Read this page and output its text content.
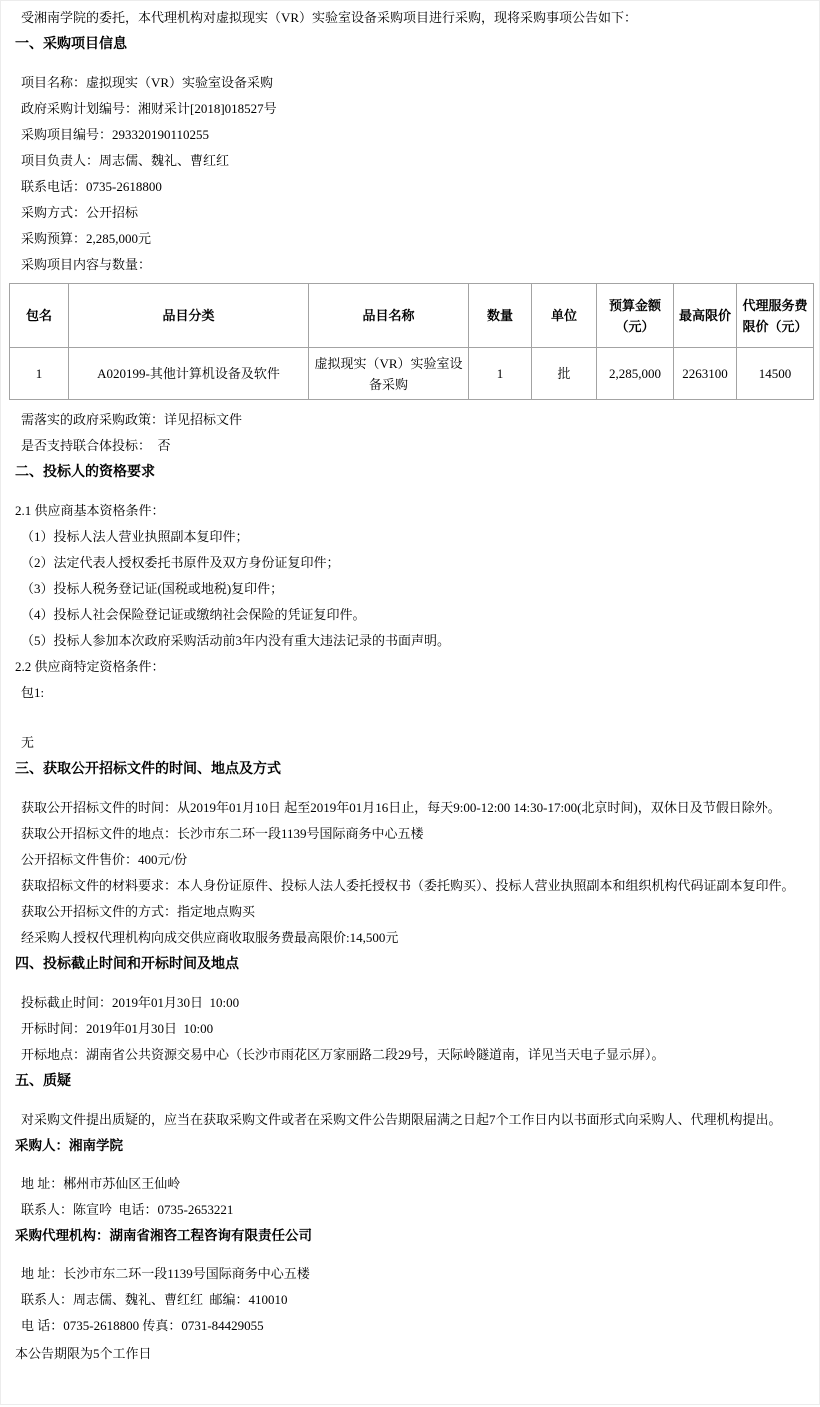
受湘南学院的委托，本代理机构对虚拟现实（VR）实验室设备采购项目进行采购，现将采购事项公告如下：

一、采购项目信息

项目名称：虚拟现实（VR）实验室设备采购

政府采购计划编号：湘财采计[2018]018527号

采购项目编号：293320190110255

项目负责人：周志儒、魏礼、曹红红

联系电话：0735-2618800

采购方式：公开招标

采购预算：2,285,000元

采购项目内容与数量：

包名	品目分类	品目名称	数量	单位	预算金额（元）	最高限价	代理服务费限价（元）
1	A020199-其他计算机设备及软件	虚拟现实（VR）实验室设备采购	1	批	2,285,000	2263100	14500

需落实的政府采购政策：详见招标文件

是否支持联合体投标：  否

二、投标人的资格要求

2.1 供应商基本资格条件：

（1）投标人法人营业执照副本复印件；

（2）法定代表人授权委托书原件及双方身份证复印件；

（3）投标人税务登记证(国税或地税)复印件；

（4）投标人社会保险登记证或缴纳社会保险的凭证复印件。

（5）投标人参加本次政府采购活动前3年内没有重大违法记录的书面声明。

2.2 供应商特定资格条件：

包1:

无

三、获取公开招标文件的时间、地点及方式

获取公开招标文件的时间：从2019年01月10日 起至2019年01月16日止，每天9:00-12:00 14:30-17:00(北京时间)，双休日及节假日除外。

获取公开招标文件的地点：长沙市东二环一段1139号国际商务中心五楼

公开招标文件售价：400元/份

获取招标文件的材料要求：本人身份证原件、投标人法人委托授权书（委托购买）、投标人营业执照副本和组织机构代码证副本复印件。

获取公开招标文件的方式：指定地点购买

经采购人授权代理机构向成交供应商收取服务费最高限价:14,500元

四、投标截止时间和开标时间及地点

投标截止时间：2019年01月30日  10:00

开标时间：2019年01月30日  10:00

开标地点：湖南省公共资源交易中心（长沙市雨花区万家丽路二段29号，天际岭隧道南，详见当天电子显示屏）。

五、质疑

对采购文件提出质疑的，应当在获取采购文件或者在采购文件公告期限届满之日起7个工作日内以书面形式向采购人、代理机构提出。

采购人：湘南学院

地 址：郴州市苏仙区王仙岭

联系人：陈宣吟  电话：0735-2653221

采购代理机构：湖南省湘咨工程咨询有限责任公司

地 址：长沙市东二环一段1139号国际商务中心五楼

联系人：周志儒、魏礼、曹红红  邮编：410010

电 话：0735-2618800 传真：0731-84429055

本公告期限为5个工作日
